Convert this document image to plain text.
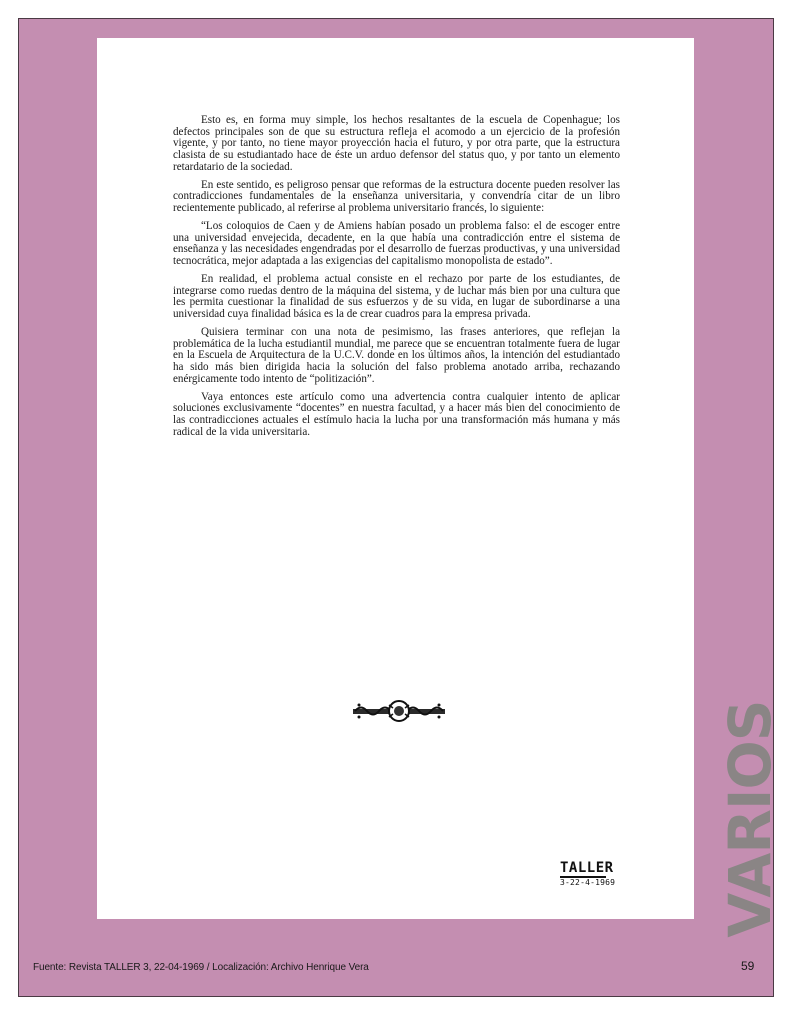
Esto es, en forma muy simple, los hechos resaltantes de la escuela de Copenhague; los defectos principales son de que su estructura refleja el acomodo a un ejercicio de la profesión vigente, y por tanto, no tiene mayor proyección hacia el futuro, y por otra parte, que la estructura clasista de su estudiantado hace de éste un arduo defensor del status quo, y por tanto un elemento retardatario de la sociedad.

En este sentido, es peligroso pensar que reformas de la estructura docente pueden resolver las contradicciones fundamentales de la enseñanza universitaria, y convendría citar de un libro recientemente publicado, al referirse al problema universitario francés, lo siguiente:

“Los coloquios de Caen y de Amiens habían posado un problema falso: el de escoger entre una universidad envejecida, decadente, en la que había una contradicción entre el sistema de enseñanza y las necesidades engendradas por el desarrollo de fuerzas productivas, y una universidad tecnocrática, mejor adaptada a las exigencias del capitalismo monopolista de estado”.

En realidad, el problema actual consiste en el rechazo por parte de los estudiantes, de integrarse como ruedas dentro de la máquina del sistema, y de luchar más bien por una cultura que les permita cuestionar la finalidad de sus esfuerzos y de su vida, en lugar de subordinarse a una universidad cuya finalidad básica es la de crear cuadros para la empresa privada.

Quisiera terminar con una nota de pesimismo, las frases anteriores, que reflejan la problemática de la lucha estudiantil mundial, me parece que se encuentran totalmente fuera de lugar en la Escuela de Arquitectura de la U.C.V. donde en los últimos años, la intención del estudiantado ha sido más bien dirigida hacia la solución del falso problema anotado arriba, rechazando enérgicamente todo intento de “politización”.

Vaya entonces este artículo como una advertencia contra cualquier intento de aplicar soluciones exclusivamente “docentes” en nuestra facultad, y a hacer más bien del conocimiento de las contradicciones actuales el estímulo hacia la lucha por una transformación más humana y más radical de la vida universitaria.

TALLER
3-22-4-1969 VARIOS
Fuente: Revista TALLER 3, 22-04-1969 / Localización: Archivo Henrique Vera	59
